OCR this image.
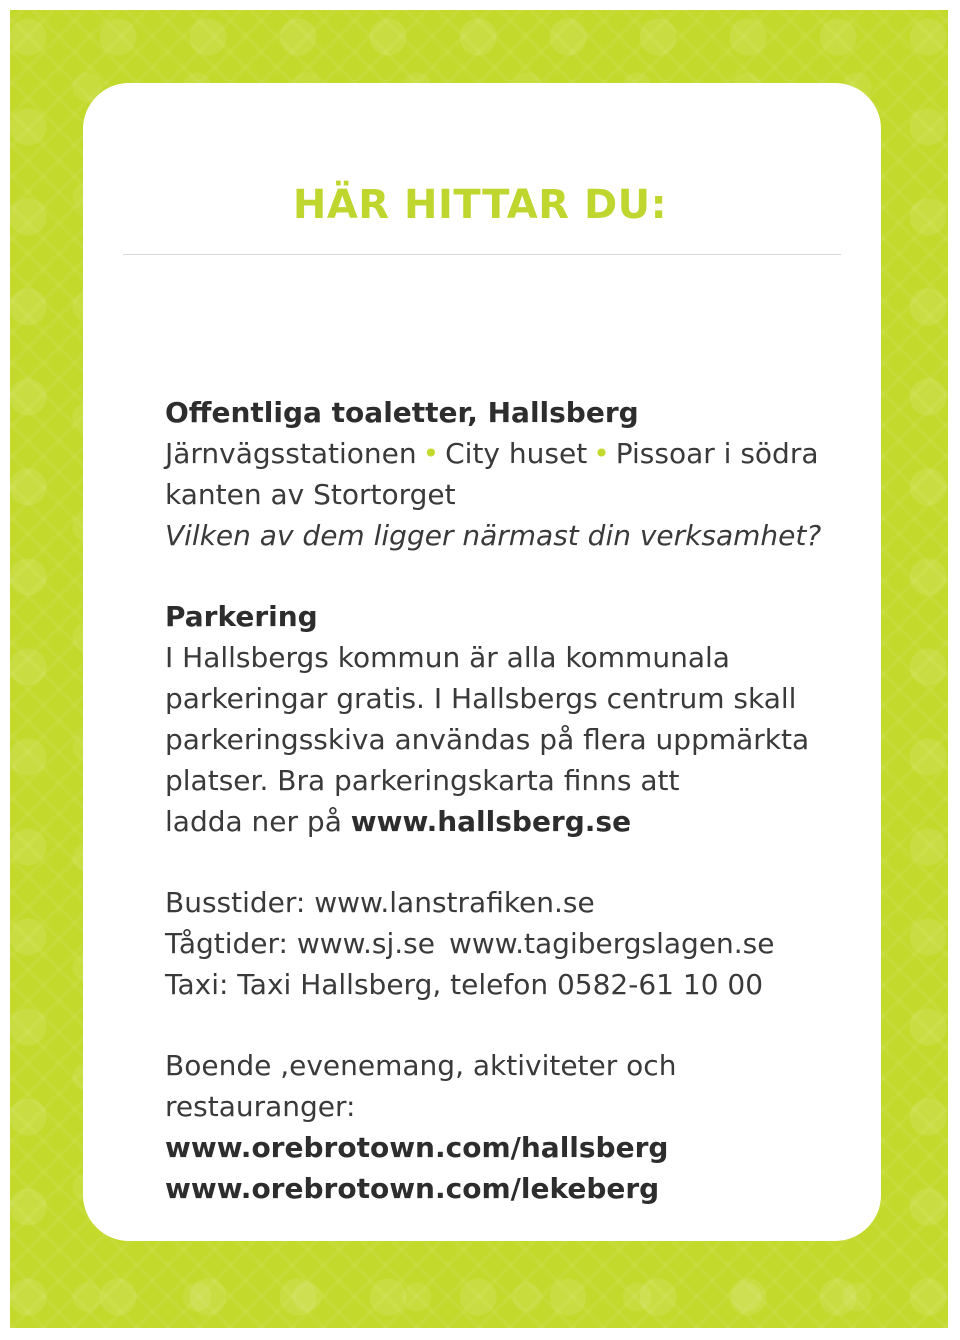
HÄR HITTAR DU:

Offentliga toaletter, Hallsberg

Järnvägsstationen • City huset • Pissoar i södra

kanten av Stortorget

Vilken av dem ligger närmast din verksamhet?

Parkering

I Hallsbergs kommun är alla kommunala

parkeringar gratis. I Hallsbergs centrum skall

parkeringsskiva användas på flera uppmärkta

platser. Bra parkeringskarta finns att

ladda ner på www.hallsberg.se

Busstider: www.lanstrafiken.se

Tågtider: www.sj.se www.tagibergslagen.se

Taxi: Taxi Hallsberg, telefon 0582-61 10 00

Boende ,evenemang, aktiviteter och

restauranger:

www.orebrotown.com/hallsberg

www.orebrotown.com/lekeberg
